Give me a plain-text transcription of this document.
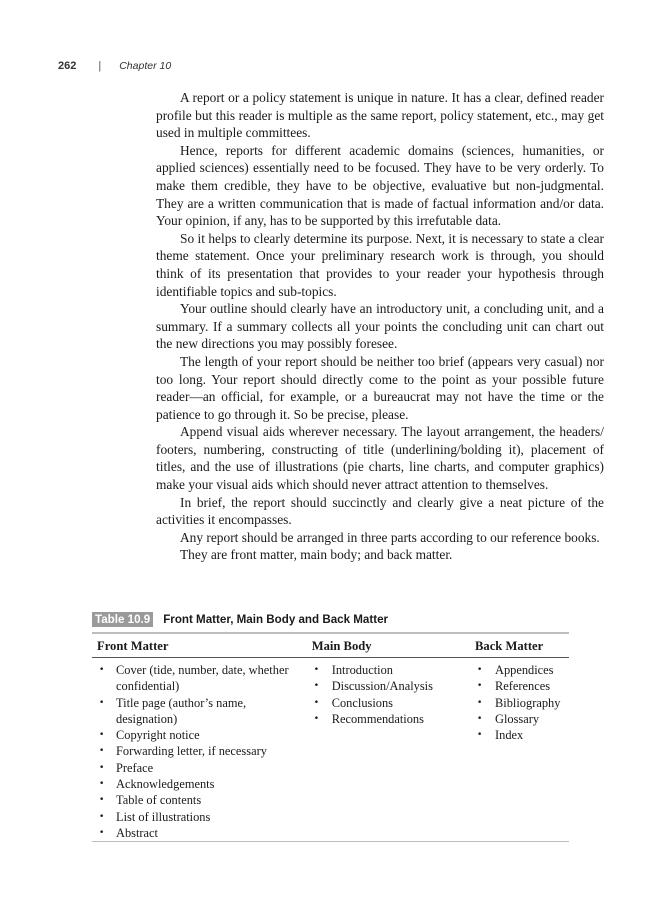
262 | Chapter 10

A report or a policy statement is unique in nature. It has a clear, defined reader profile but this reader is multiple as the same report, policy statement, etc., may get used in multiple committees.

Hence, reports for different academic domains (sciences, humanities, or applied sciences) essentially need to be focused. They have to be very orderly. To make them credible, they have to be objective, evaluative but non-judgmental. They are a written communication that is made of factual information and/or data. Your opinion, if any, has to be supported by this irrefutable data.

So it helps to clearly determine its purpose. Next, it is necessary to state a clear theme statement. Once your preliminary research work is through, you should think of its presentation that provides to your reader your hypothesis through identifiable topics and sub-topics.

Your outline should clearly have an introductory unit, a concluding unit, and a summary. If a summary collects all your points the concluding unit can chart out the new directions you may possibly foresee.

The length of your report should be neither too brief (appears very casual) nor too long. Your report should directly come to the point as your possible future reader—an official, for example, or a bureaucrat may not have the time or the patience to go through it. So be precise, please.

Append visual aids wherever necessary. The layout arrangement, the headers/ footers, numbering, constructing of title (underlining/bolding it), placement of titles, and the use of illustrations (pie charts, line charts, and computer graphics) make your visual aids which should never attract attention to themselves.

In brief, the report should succinctly and clearly give a neat picture of the activities it encompasses.

Any report should be arranged in three parts according to our reference books.

They are front matter, main body; and back matter.

Table 10.9 Front Matter, Main Body and Back Matter
Front Matter	Main Body	Back Matter
• Cover (tide, number, date, whether confidential)
• Title page (author’s name, designation)
• Copyright notice
• Forwarding letter, if necessary
• Preface
• Acknowledgements
• Table of contents
• List of illustrations
• Abstract
• Introduction
• Discussion/Analysis
• Conclusions
• Recommendations
• Appendices
• References
• Bibliography
• Glossary
• Index
